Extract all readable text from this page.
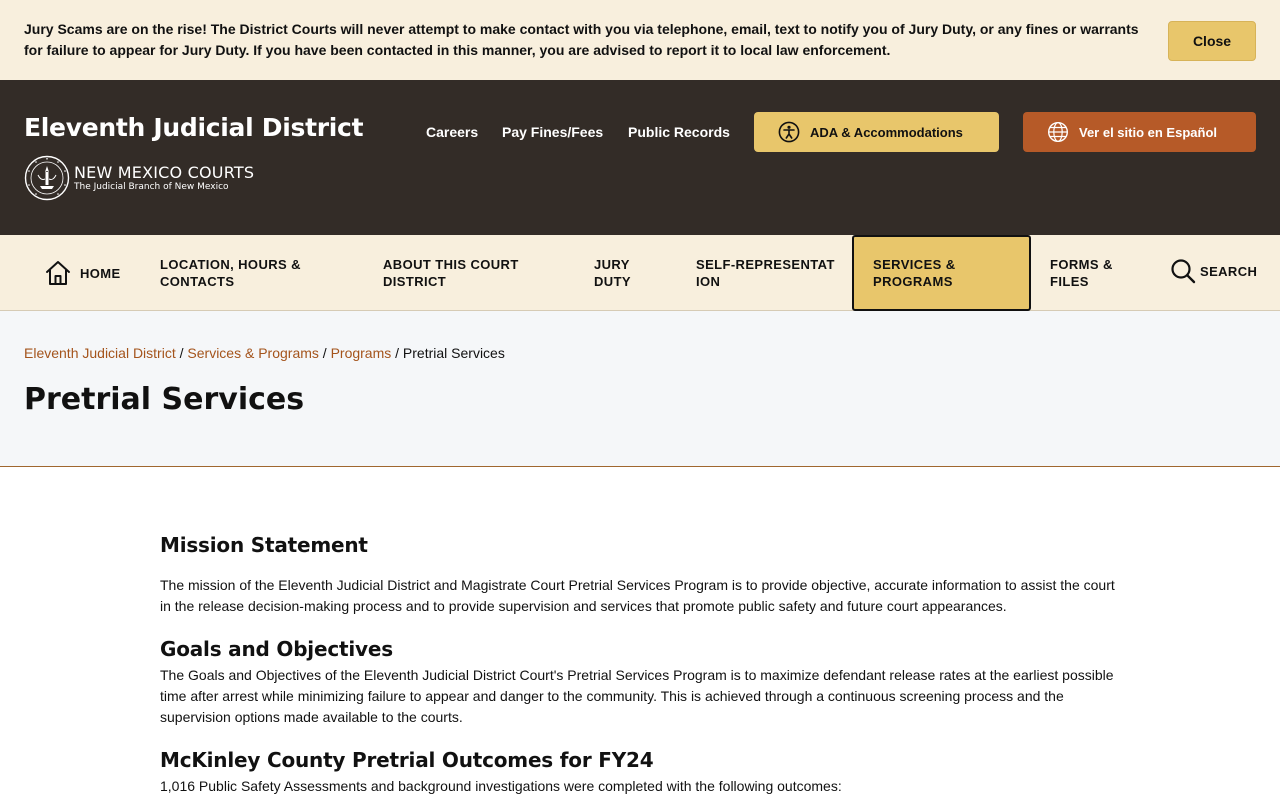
Jury Scams are on the rise! The District Courts will never attempt to make contact with you via telephone, email, text to notify you of Jury Duty, or any fines or warrants for failure to appear for Jury Duty. If you have been contacted in this manner, you are advised to report it to local law enforcement.

Close
Eleventh Judicial District
NEW MEXICO COURTS
The Judicial Branch of New Mexico
Careers Pay Fines/Fees Public Records	ADA & Accommodations	Ver el sitio en Español
HOME
LOCATION, HOURS & CONTACTS
ABOUT THIS COURT DISTRICT
JURY DUTY
SELF-REPRESENTATION
SERVICES & PROGRAMS
FORMS & FILES
SEARCH
Eleventh Judicial District / Services & Programs / Programs / Pretrial Services
Pretrial Services
Mission Statement

The mission of the Eleventh Judicial District and Magistrate Court Pretrial Services Program is to provide objective, accurate information to assist the court in the release decision-making process and to provide supervision and services that promote public safety and future court appearances.

Goals and Objectives

The Goals and Objectives of the Eleventh Judicial District Court's Pretrial Services Program is to maximize defendant release rates at the earliest possible time after arrest while minimizing failure to appear and danger to the community. This is achieved through a continuous screening process and the supervision options made available to the courts.

McKinley County Pretrial Outcomes for FY24

1,016 Public Safety Assessments and background investigations were completed with the following outcomes:
